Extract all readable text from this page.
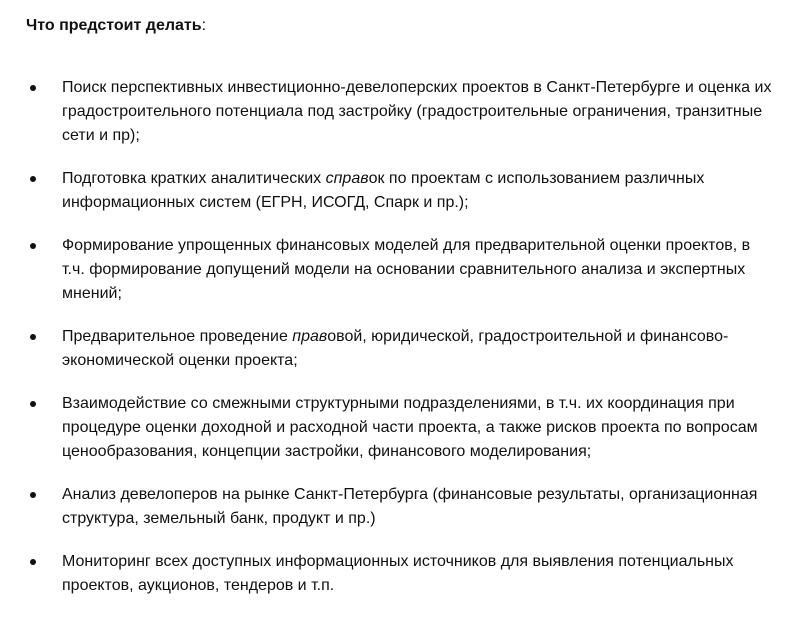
Что предстоит делать:

Поиск перспективных инвестиционно-девелоперских проектов в Санкт-Петербурге и оценка их градостроительного потенциала под застройку (градостроительные ограничения, транзитные сети и пр);
Подготовка кратких аналитических справок по проектам с использованием различных информационных систем (ЕГРН, ИСОГД, Спарк и пр.);
Формирование упрощенных финансовых моделей для предварительной оценки проектов, в т.ч. формирование допущений модели на основании сравнительного анализа и экспертных мнений;
Предварительное проведение правовой, юридической, градостроительной и финансово-экономической оценки проекта;
Взаимодействие со смежными структурными подразделениями, в т.ч. их координация при процедуре оценки доходной и расходной части проекта, а также рисков проекта по вопросам ценообразования, концепции застройки, финансового моделирования;
Анализ девелоперов на рынке Санкт-Петербурга (финансовые результаты, организационная структура, земельный банк, продукт и пр.)
Мониторинг всех доступных информационных источников для выявления потенциальных проектов, аукционов, тендеров и т.п.
